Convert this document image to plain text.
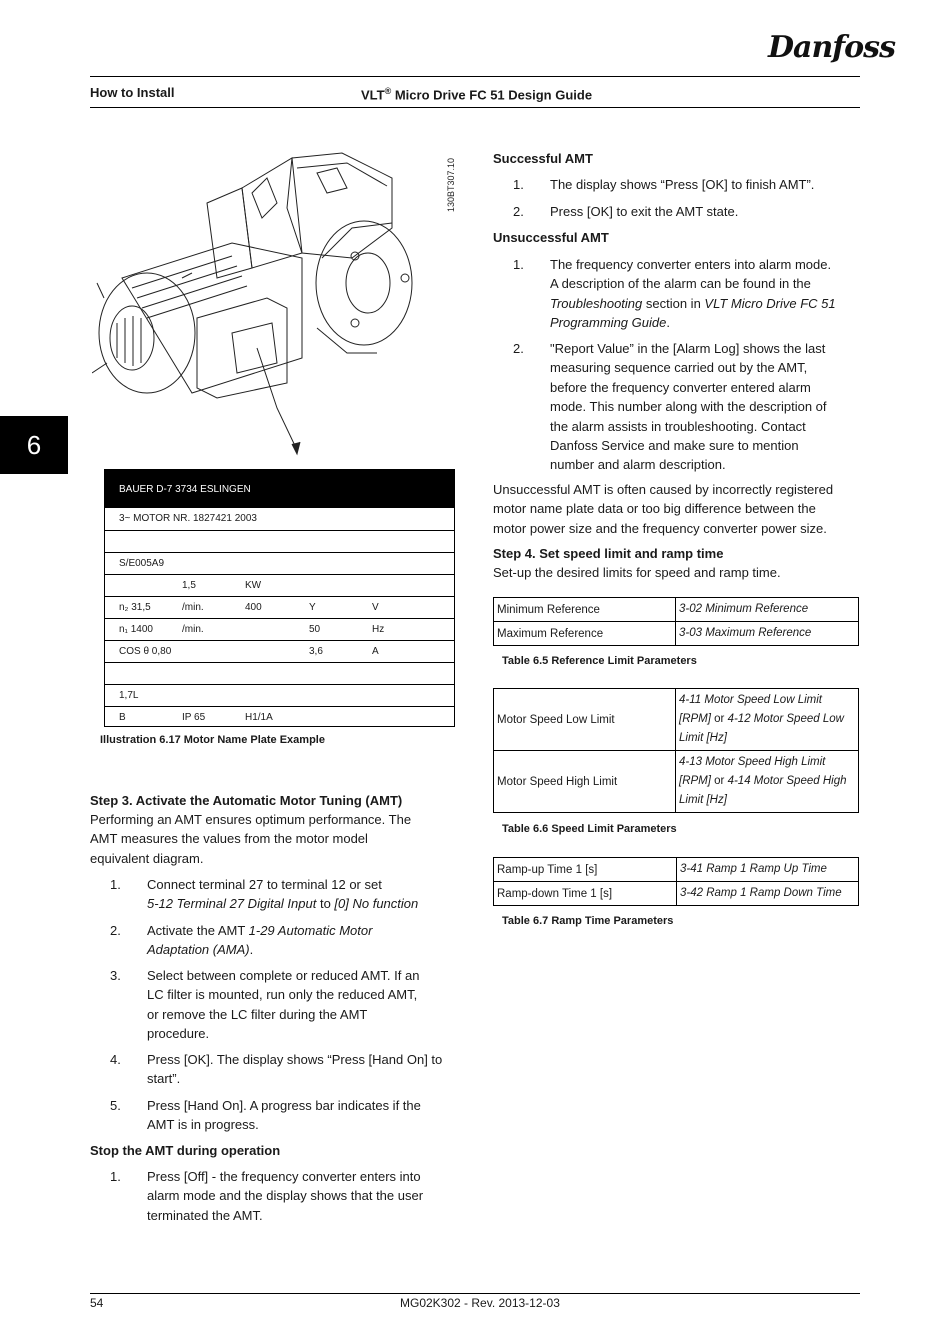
Danfoss
How to Install	VLT® Micro Drive FC 51 Design Guide
6
130BT307.10
BAUER D-7 3734 ESLINGEN
3~ MOTOR NR. 1827421 2003
S/E005A9
1,5	KW
n₂ 31,5	/min.	400	Y	V
n₁ 1400	/min.	50	Hz
COS θ 0,80	3,6	A
1,7L
B	IP 65	H1/1A
Illustration 6.17 Motor Name Plate Example
Step 3. Activate the Automatic Motor Tuning (AMT)
Performing an AMT ensures optimum performance. The
AMT measures the values from the motor model
equivalent diagram.
1. Connect terminal 27 to terminal 12 or set
5-12 Terminal 27 Digital Input to [0] No function
2. Activate the AMT 1-29 Automatic Motor
Adaptation (AMA).
3. Select between complete or reduced AMT. If an
LC filter is mounted, run only the reduced AMT,
or remove the LC filter during the AMT
procedure.
4. Press [OK]. The display shows “Press [Hand On] to
start”.
5. Press [Hand On]. A progress bar indicates if the
AMT is in progress.
Stop the AMT during operation
1. Press [Off] - the frequency converter enters into
alarm mode and the display shows that the user
terminated the AMT.
Successful AMT
1. The display shows “Press [OK] to finish AMT”.
2. Press [OK] to exit the AMT state.
Unsuccessful AMT
1. The frequency converter enters into alarm mode.
A description of the alarm can be found in the
Troubleshooting section in VLT Micro Drive FC 51
Programming Guide.
2. "Report Value” in the [Alarm Log] shows the last
measuring sequence carried out by the AMT,
before the frequency converter entered alarm
mode. This number along with the description of
the alarm assists in troubleshooting. Contact
Danfoss Service and make sure to mention
number and alarm description.
Unsuccessful AMT is often caused by incorrectly registered
motor name plate data or too big difference between the
motor power size and the frequency converter power size.
Step 4. Set speed limit and ramp time
Set-up the desired limits for speed and ramp time.
Minimum Reference	3-02 Minimum Reference
Maximum Reference	3-03 Maximum Reference
Table 6.5 Reference Limit Parameters
Motor Speed Low Limit	4-11 Motor Speed Low Limit
[RPM] or 4-12 Motor Speed Low
Limit [Hz]

Motor Speed High Limit	4-13 Motor Speed High Limit
[RPM] or 4-14 Motor Speed High
Limit [Hz]
Table 6.6 Speed Limit Parameters
Ramp-up Time 1 [s]	3-41 Ramp 1 Ramp Up Time
Ramp-down Time 1 [s]	3-42 Ramp 1 Ramp Down Time
Table 6.7 Ramp Time Parameters
54	MG02K302 - Rev. 2013-12-03
